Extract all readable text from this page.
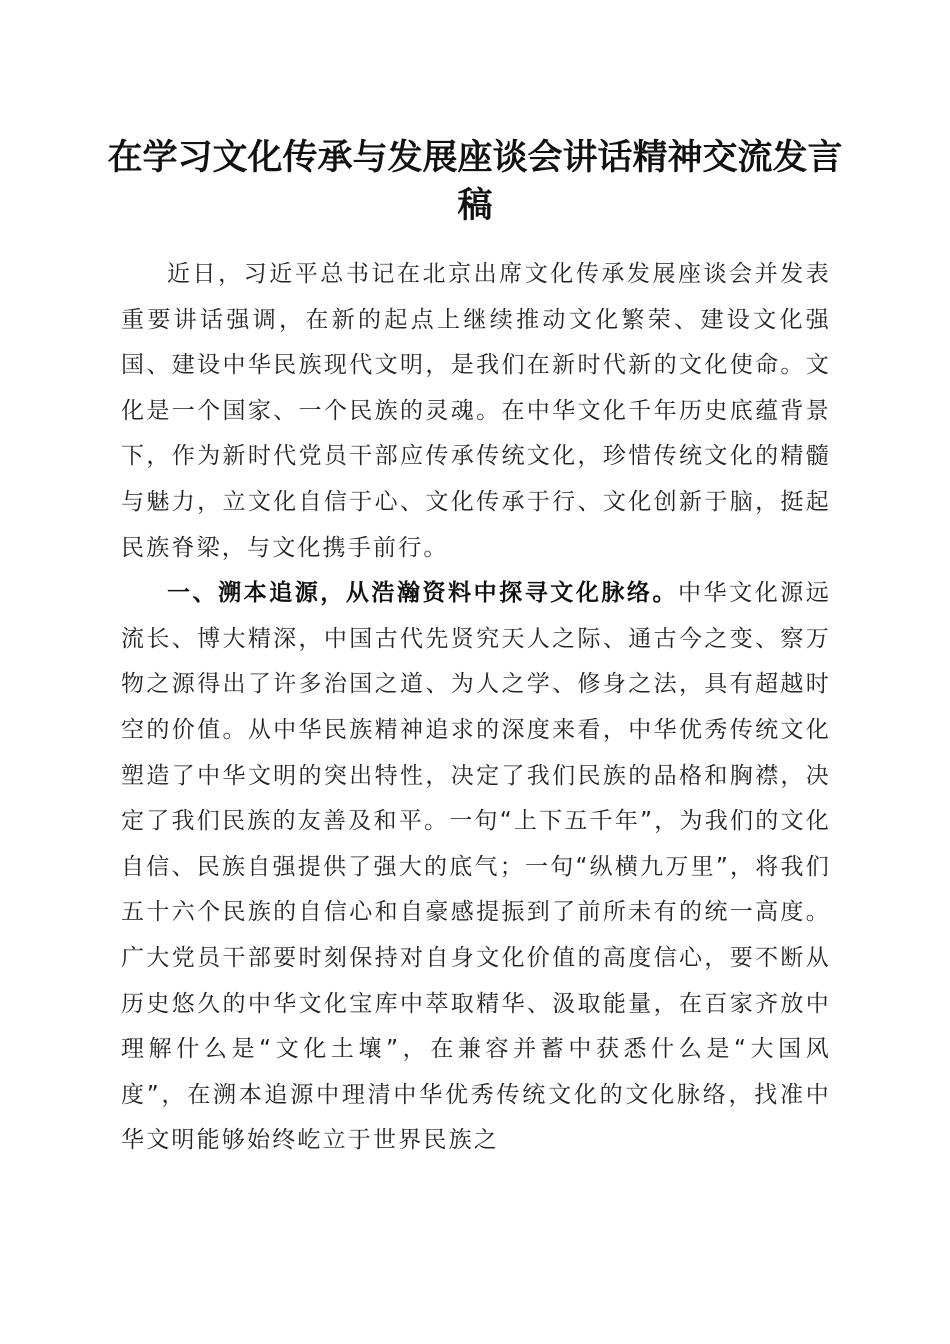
在学习文化传承与发展座谈会讲话精神交流发言稿

近日，习近平总书记在北京出席文化传承发展座谈会并发表重要讲话强调，在新的起点上继续推动文化繁荣、建设文化强国、建设中华民族现代文明，是我们在新时代新的文化使命。文化是一个国家、一个民族的灵魂。在中华文化千年历史底蕴背景下，作为新时代党员干部应传承传统文化，珍惜传统文化的精髓与魅力，立文化自信于心、文化传承于行、文化创新于脑，挺起民族脊梁，与文化携手前行。

一、溯本追源，从浩瀚资料中探寻文化脉络。中华文化源远流长、博大精深，中国古代先贤究天人之际、通古今之变、察万物之源得出了许多治国之道、为人之学、修身之法，具有超越时空的价值。从中华民族精神追求的深度来看，中华优秀传统文化塑造了中华文明的突出特性，决定了我们民族的品格和胸襟，决定了我们民族的友善及和平。一句“上下五千年”，为我们的文化自信、民族自强提供了强大的底气；一句“纵横九万里”，将我们五十六个民族的自信心和自豪感提振到了前所未有的统一高度。广大党员干部要时刻保持对自身文化价值的高度信心，要不断从历史悠久的中华文化宝库中萃取精华、汲取能量，在百家齐放中理解什么是“文化土壤”，在兼容并蓄中获悉什么是“大国风度”，在溯本追源中理清中华优秀传统文化的文化脉络，找准中华文明能够始终屹立于世界民族之
